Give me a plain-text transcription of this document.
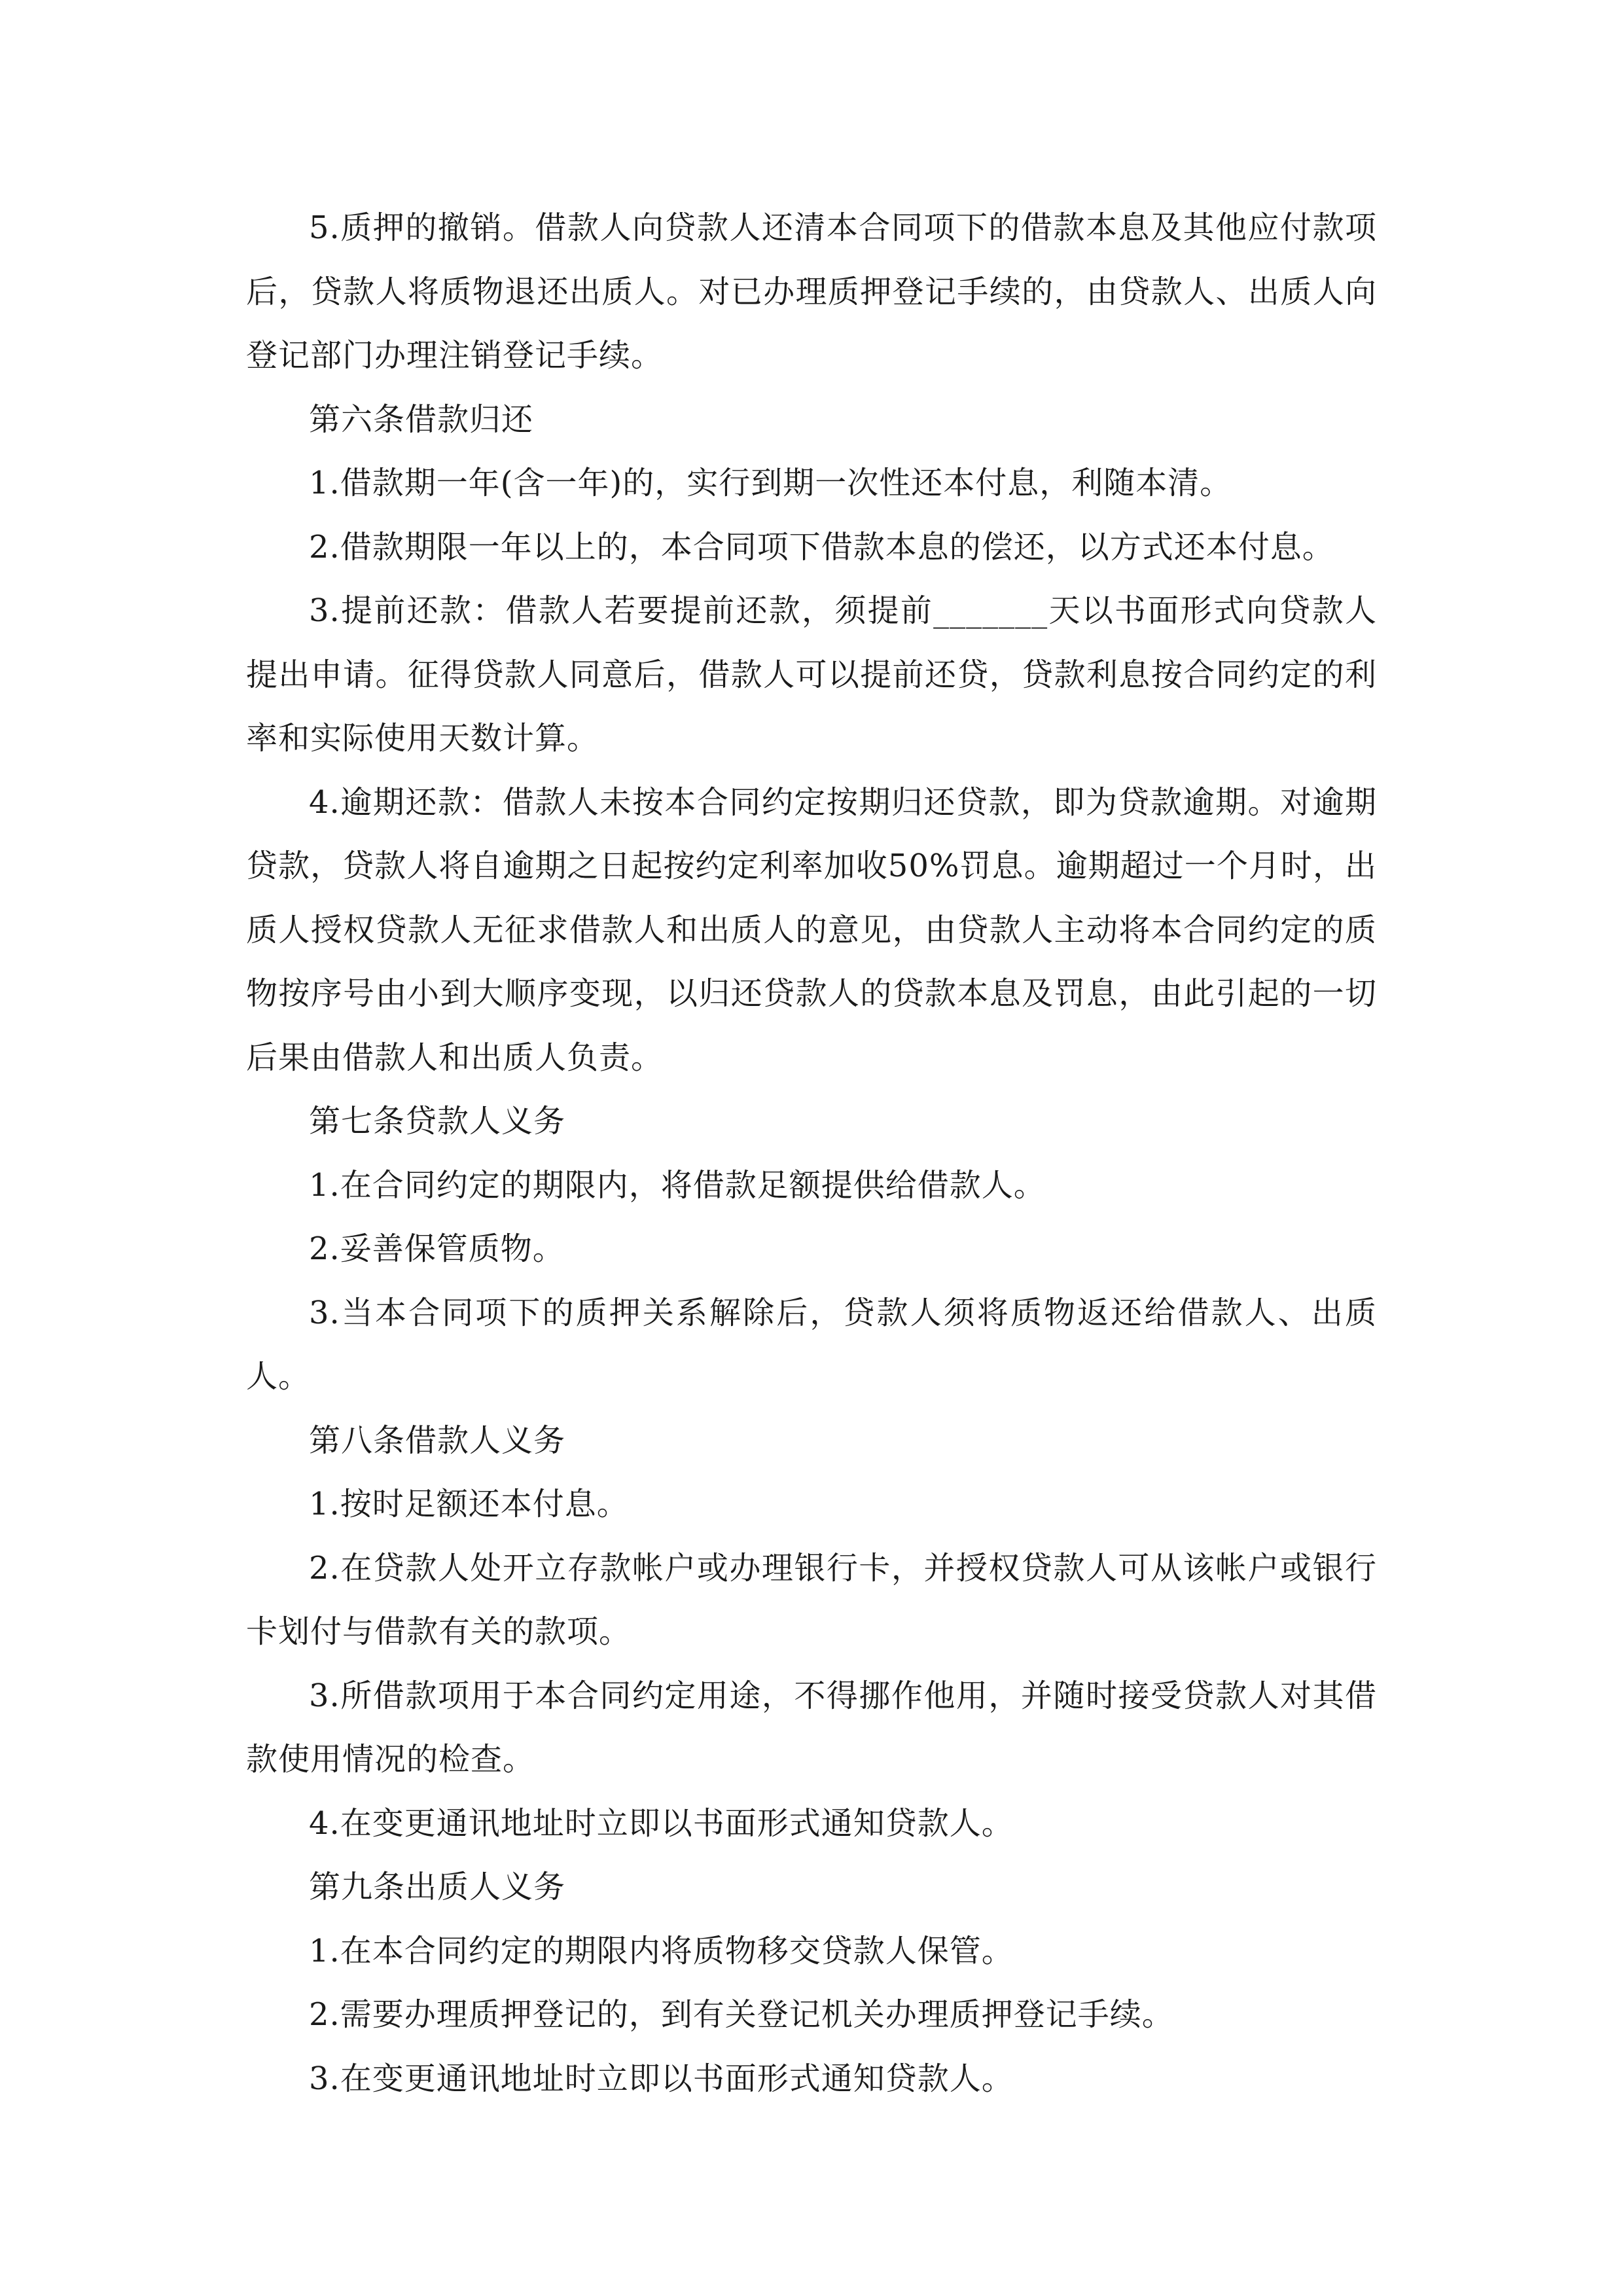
5.质押的撤销。借款人向贷款人还清本合同项下的借款本息及其他应付款项后，贷款人将质物退还出质人。对已办理质押登记手续的，由贷款人、出质人向登记部门办理注销登记手续。

第六条借款归还

1.借款期一年(含一年)的，实行到期一次性还本付息，利随本清。

2.借款期限一年以上的，本合同项下借款本息的偿还，以方式还本付息。

3.提前还款：借款人若要提前还款，须提前_______天以书面形式向贷款人提出申请。征得贷款人同意后，借款人可以提前还贷，贷款利息按合同约定的利率和实际使用天数计算。

4.逾期还款：借款人未按本合同约定按期归还贷款，即为贷款逾期。对逾期贷款，贷款人将自逾期之日起按约定利率加收50%罚息。逾期超过一个月时，出质人授权贷款人无征求借款人和出质人的意见，由贷款人主动将本合同约定的质物按序号由小到大顺序变现，以归还贷款人的贷款本息及罚息，由此引起的一切后果由借款人和出质人负责。

第七条贷款人义务

1.在合同约定的期限内，将借款足额提供给借款人。

2.妥善保管质物。

3.当本合同项下的质押关系解除后，贷款人须将质物返还给借款人、出质人。

第八条借款人义务

1.按时足额还本付息。

2.在贷款人处开立存款帐户或办理银行卡，并授权贷款人可从该帐户或银行卡划付与借款有关的款项。

3.所借款项用于本合同约定用途，不得挪作他用，并随时接受贷款人对其借款使用情况的检查。

4.在变更通讯地址时立即以书面形式通知贷款人。

第九条出质人义务

1.在本合同约定的期限内将质物移交贷款人保管。

2.需要办理质押登记的，到有关登记机关办理质押登记手续。

3.在变更通讯地址时立即以书面形式通知贷款人。
